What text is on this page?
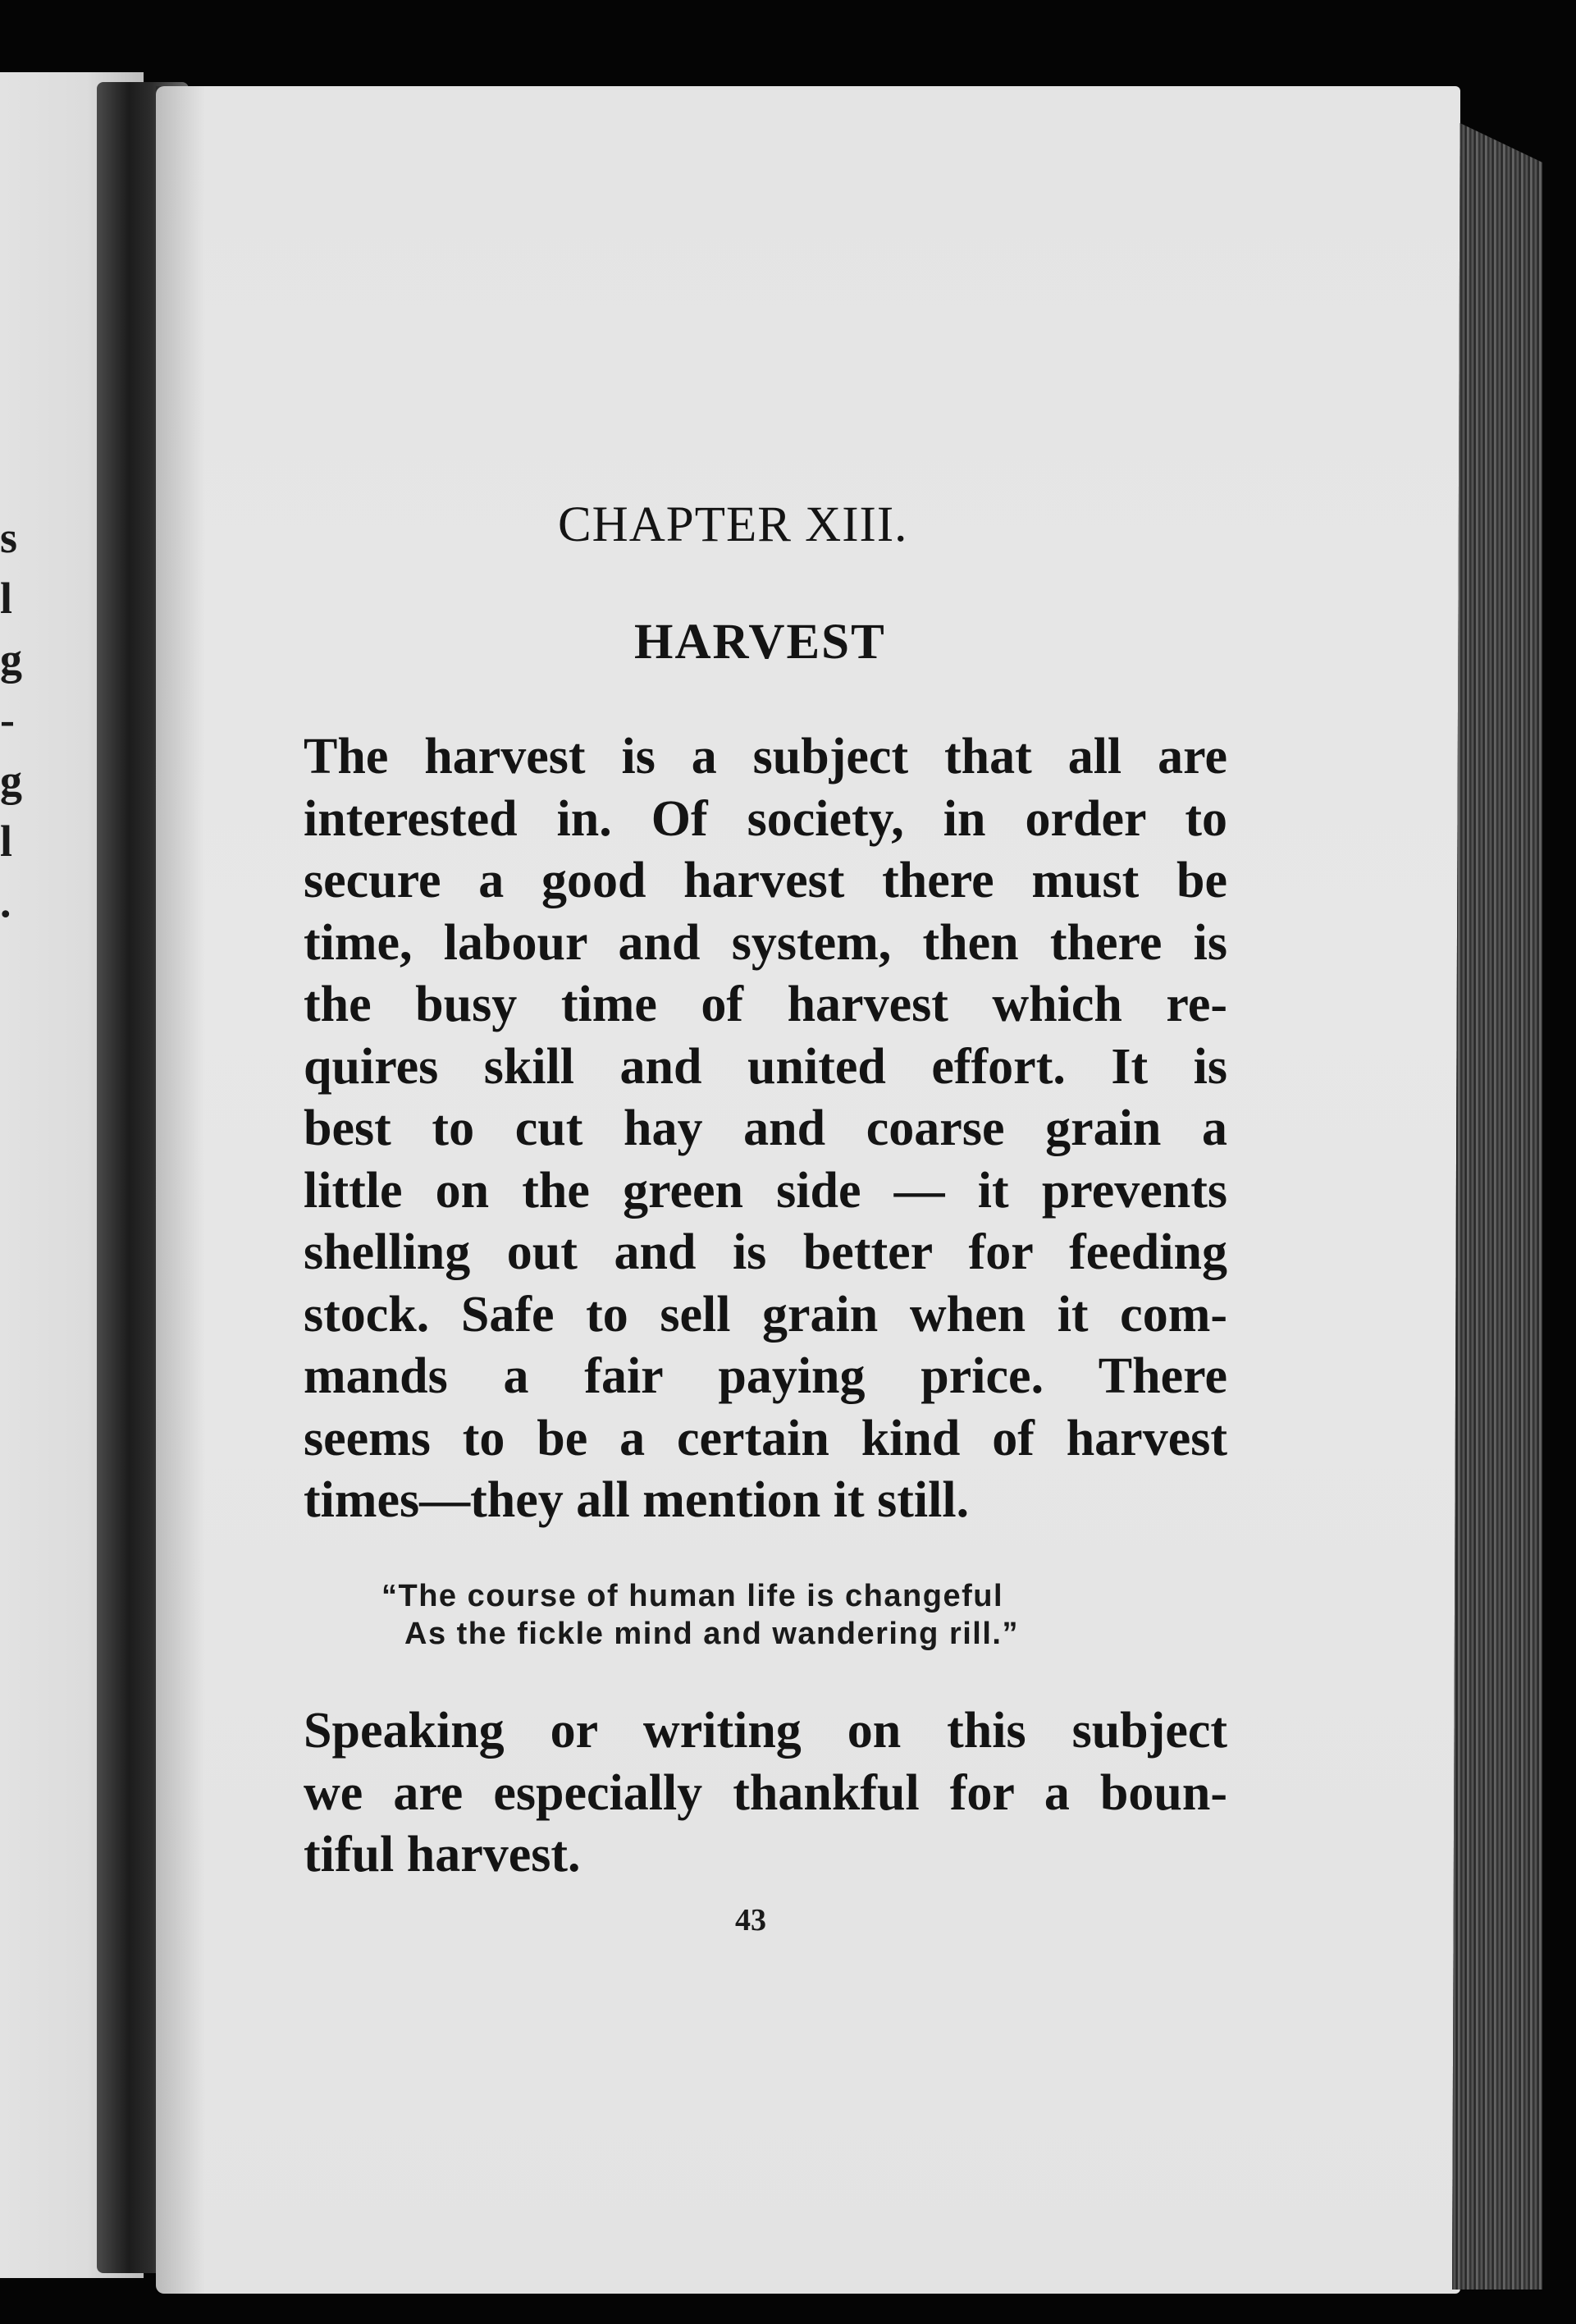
s
l
g
-
g
l
.
CHAPTER XIII.
HARVEST
The harvest is a subject that all are
interested in. Of society, in order to
secure a good harvest there must be
time, labour and system, then there is
the busy time of harvest which re-
quires skill and united effort. It is
best to cut hay and coarse grain a
little on the green side — it prevents
shelling out and is better for feeding
stock. Safe to sell grain when it com-
mands a fair paying price. There
seems to be a certain kind of harvest
times—they all mention it still.
“The course of human life is changeful
As the fickle mind and wandering rill.”
Speaking or writing on this subject
we are especially thankful for a boun-
tiful harvest.
43
